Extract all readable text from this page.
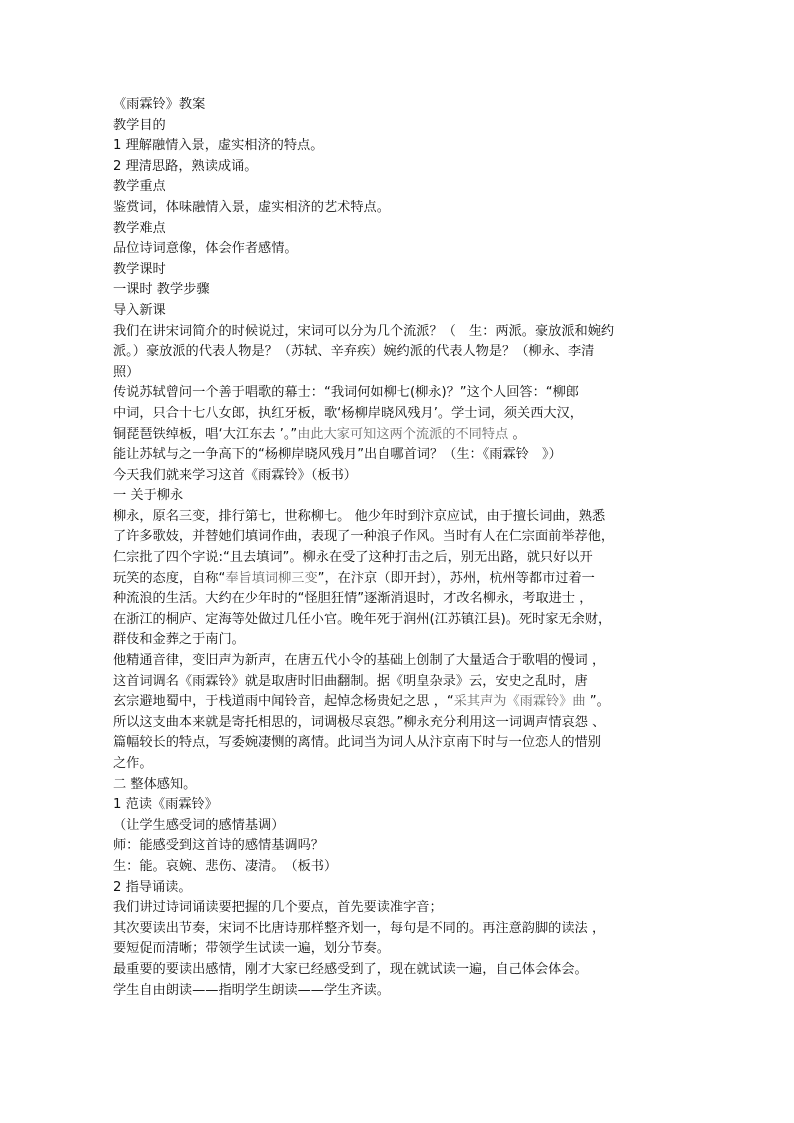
《雨霖铃》教案
教学目的
1 理解融情入景，虚实相济的特点。
2 理清思路，熟读成诵。
教学重点
鉴赏词，体味融情入景，虚实相济的艺术特点。
教学难点
品位诗词意像，体会作者感情。
教学课时
一课时 教学步骤
导入新课
我们在讲宋词简介的时候说过，宋词可以分为几个流派？（　生：两派。豪放派和婉约
派。）豪放派的代表人物是？（苏轼、辛弃疾）婉约派的代表人物是？（柳永、李清
照）
传说苏轼曾问一个善于唱歌的幕士：“我词何如柳七(柳永)？”这个人回答：“柳郎
中词，只合十七八女郎，执红牙板，歌‘杨柳岸晓风残月’。学士词，须关西大汉，
铜琵琶铁绰板，唱‘大江东去 ’。”由此大家可知这两个流派的不同特点 。
能让苏轼与之一争高下的“杨柳岸晓风残月”出自哪首词？（生：《雨霖铃　》）
今天我们就来学习这首《雨霖铃》（板书）
一 关于柳永
柳永，原名三变，排行第七，世称柳七。 他少年时到汴京应试，由于擅长词曲，熟悉
了许多歌妓，并替她们填词作曲，表现了一种浪子作风。当时有人在仁宗面前举荐他，
仁宗批了四个字说:“且去填词”。柳永在受了这种打击之后，别无出路，就只好以开
玩笑的态度，自称“奉旨填词柳三变”，在汴京（即开封），苏州，杭州等都市过着一
种流浪的生活。大约在少年时的“怪胆狂情”逐渐消退时，才改名柳永，考取进士 ，
在浙江的桐庐、定海等处做过几任小官。晚年死于润州(江苏镇江县)。死时家无余财，
群伎和金葬之于南门。
他精通音律，变旧声为新声，在唐五代小令的基础上创制了大量适合于歌唱的慢词 ，
这首词调名《雨霖铃》就是取唐时旧曲翻制。据《明皇杂录》云，安史之乱时，唐
玄宗避地蜀中，于栈道雨中闻铃音，起悼念杨贵妃之思 ，“采其声为《雨霖铃》曲 ”。
所以这支曲本来就是寄托相思的，词调极尽哀怨。”柳永充分利用这一词调声情哀怨 、
篇幅较长的特点，写委婉凄恻的离情。此词当为词人从汴京南下时与一位恋人的惜别
之作。
二 整体感知。
1 范读《雨霖铃》
（让学生感受词的感情基调）
师：能感受到这首诗的感情基调吗？
生：能。哀婉、悲伤、凄清。　（板书）
2 指导诵读。
我们讲过诗词诵读要把握的几个要点，首先要读准字音；
其次要读出节奏，宋词不比唐诗那样整齐划一，每句是不同的。再注意韵脚的读法 ，
要短促而清晰；带领学生试读一遍，划分节奏。
最重要的要读出感情，刚才大家已经感受到了，现在就试读一遍，自己体会体会。
学生自由朗读——指明学生朗读——学生齐读。
